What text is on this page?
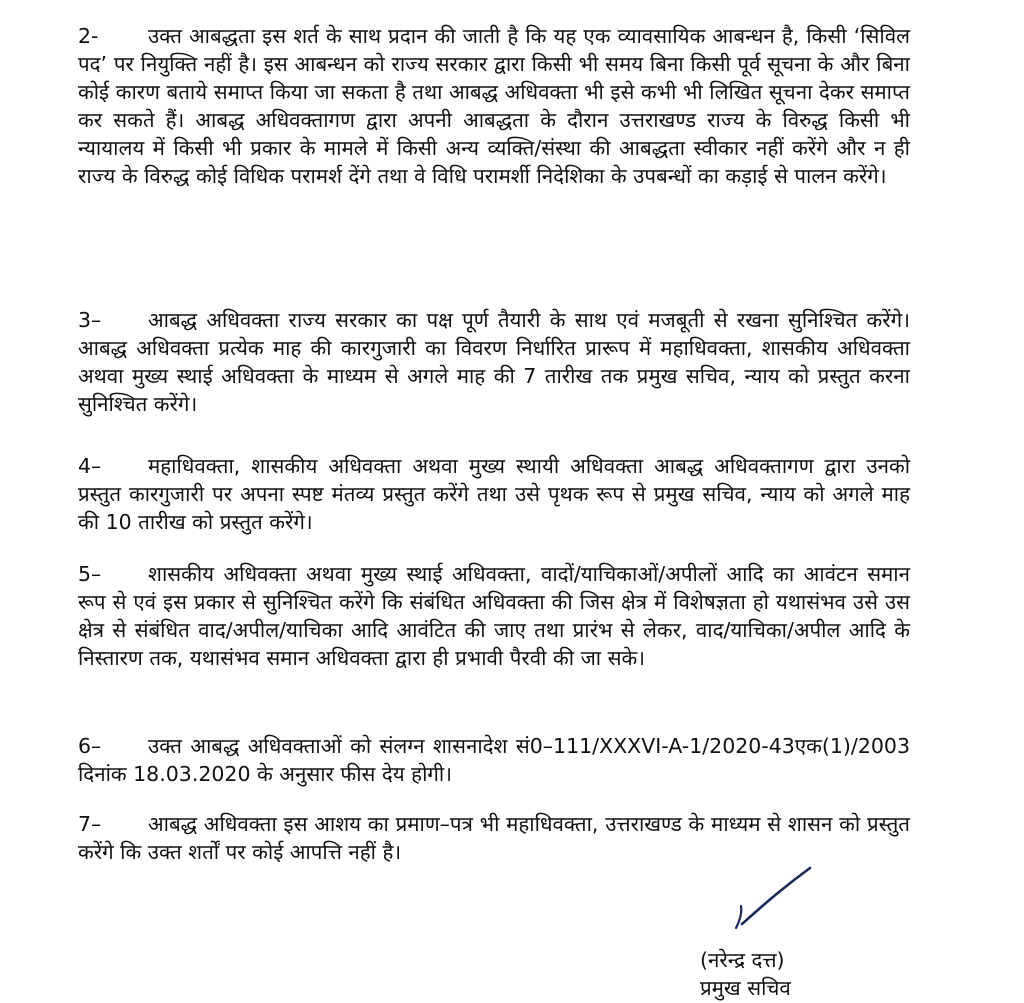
2- उक्त आबद्धता इस शर्त के साथ प्रदान की जाती है कि यह एक व्यावसायिक आबन्धन है, किसी ‘सिविल पद’ पर नियुक्ति नहीं है। इस आबन्धन को राज्य सरकार द्वारा किसी भी समय बिना किसी पूर्व सूचना के और बिना कोई कारण बताये समाप्त किया जा सकता है तथा आबद्ध अधिवक्ता भी इसे कभी भी लिखित सूचना देकर समाप्त कर सकते हैं। आबद्ध अधिवक्तागण द्वारा अपनी आबद्धता के दौरान उत्तराखण्ड राज्य के विरुद्ध किसी भी न्यायालय में किसी भी प्रकार के मामले में किसी अन्य व्यक्ति/संस्था की आबद्धता स्वीकार नहीं करेंगे और न ही राज्य के विरुद्ध कोई विधिक परामर्श देंगे तथा वे विधि परामर्शी निदेशिका के उपबन्धों का कड़ाई से पालन करेंगे।

3– आबद्ध अधिवक्ता राज्य सरकार का पक्ष पूर्ण तैयारी के साथ एवं मजबूती से रखना सुनिश्चित करेंगे। आबद्ध अधिवक्ता प्रत्येक माह की कारगुजारी का विवरण निर्धारित प्रारूप में महाधिवक्ता, शासकीय अधिवक्ता अथवा मुख्य स्थाई अधिवक्ता के माध्यम से अगले माह की 7 तारीख तक प्रमुख सचिव, न्याय को प्रस्तुत करना सुनिश्चित करेंगे।

4– महाधिवक्ता, शासकीय अधिवक्ता अथवा मुख्य स्थायी अधिवक्ता आबद्ध अधिवक्तागण द्वारा उनको प्रस्तुत कारगुजारी पर अपना स्पष्ट मंतव्य प्रस्तुत करेंगे तथा उसे पृथक रूप से प्रमुख सचिव, न्याय को अगले माह की 10 तारीख को प्रस्तुत करेंगे।

5– शासकीय अधिवक्ता अथवा मुख्य स्थाई अधिवक्ता, वादों/याचिकाओं/अपीलों आदि का आवंटन समान रूप से एवं इस प्रकार से सुनिश्चित करेंगे कि संबंधित अधिवक्ता की जिस क्षेत्र में विशेषज्ञता हो यथासंभव उसे उस क्षेत्र से संबंधित वाद/अपील/याचिका आदि आवंटित की जाए तथा प्रारंभ से लेकर, वाद/याचिका/अपील आदि के निस्तारण तक, यथासंभव समान अधिवक्ता द्वारा ही प्रभावी पैरवी की जा सके।

6– उक्त आबद्ध अधिवक्ताओं को संलग्न शासनादेश सं0–111/XXXVI-A-1/2020-43एक(1)/2003 दिनांक 18.03.2020 के अनुसार फीस देय होगी।

7– आबद्ध अधिवक्ता इस आशय का प्रमाण–पत्र भी महाधिवक्ता, उत्तराखण्ड के माध्यम से शासन को प्रस्तुत करेंगे कि उक्त शर्तों पर कोई आपत्ति नहीं है।

(नरेन्द्र दत्त)
प्रमुख सचिव
